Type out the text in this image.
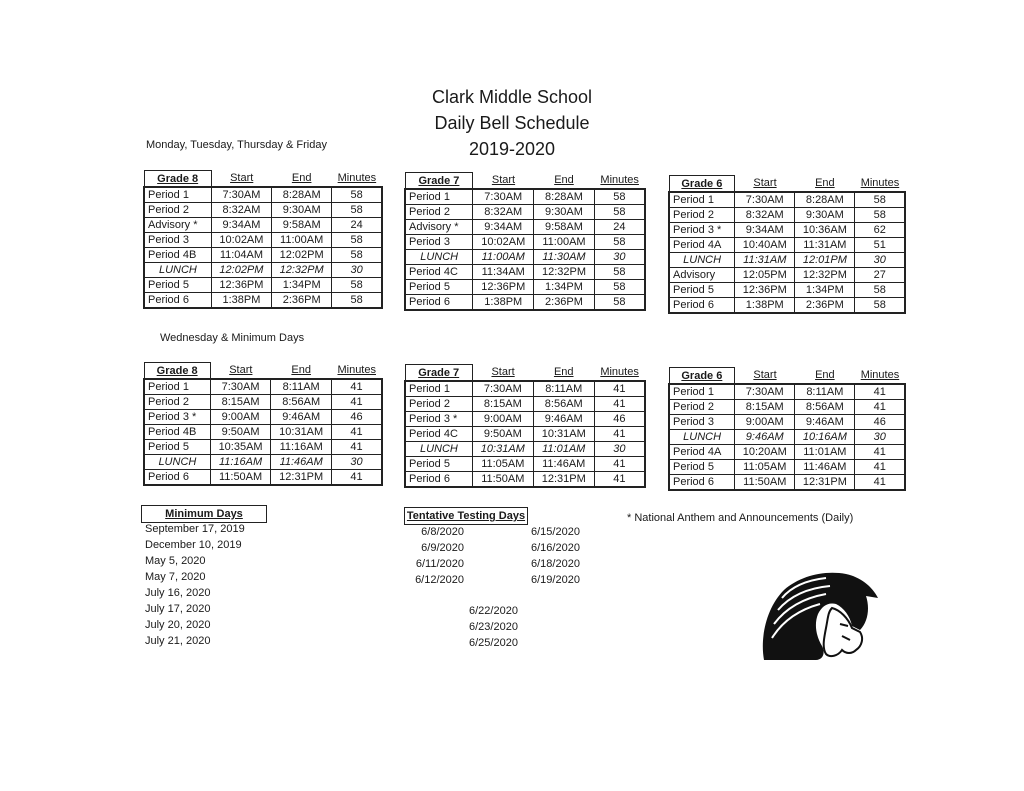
Clark Middle School
Daily Bell Schedule
2019-2020
Monday, Tuesday, Thursday & Friday
Wednesday & Minimum Days
Grade 8	Start	End	Minutes
Period 1	7:30AM	8:28AM	58
Period 2	8:32AM	9:30AM	58
Advisory *	9:34AM	9:58AM	24
Period 3	10:02AM	11:00AM	58
Period 4B	11:04AM	12:02PM	58
LUNCH	12:02PM	12:32PM	30
Period 5	12:36PM	1:34PM	58
Period 6	1:38PM	2:36PM	58
Grade 7	Start	End	Minutes
Period 1	7:30AM	8:28AM	58
Period 2	8:32AM	9:30AM	58
Advisory *	9:34AM	9:58AM	24
Period 3	10:02AM	11:00AM	58
LUNCH	11:00AM	11:30AM	30
Period 4C	11:34AM	12:32PM	58
Period 5	12:36PM	1:34PM	58
Period 6	1:38PM	2:36PM	58
Grade 6	Start	End	Minutes
Period 1	7:30AM	8:28AM	58
Period 2	8:32AM	9:30AM	58
Period 3 *	9:34AM	10:36AM	62
Period 4A	10:40AM	11:31AM	51
LUNCH	11:31AM	12:01PM	30
Advisory	12:05PM	12:32PM	27
Period 5	12:36PM	1:34PM	58
Period 6	1:38PM	2:36PM	58
Grade 8	Start	End	Minutes
Period 1	7:30AM	8:11AM	41
Period 2	8:15AM	8:56AM	41
Period 3 *	9:00AM	9:46AM	46
Period 4B	9:50AM	10:31AM	41
Period 5	10:35AM	11:16AM	41
LUNCH	11:16AM	11:46AM	30
Period 6	11:50AM	12:31PM	41
Grade 7	Start	End	Minutes
Period 1	7:30AM	8:11AM	41
Period 2	8:15AM	8:56AM	41
Period 3 *	9:00AM	9:46AM	46
Period 4C	9:50AM	10:31AM	41
LUNCH	10:31AM	11:01AM	30
Period 5	11:05AM	11:46AM	41
Period 6	11:50AM	12:31PM	41
Grade 6	Start	End	Minutes
Period 1	7:30AM	8:11AM	41
Period 2	8:15AM	8:56AM	41
Period 3	9:00AM	9:46AM	46
LUNCH	9:46AM	10:16AM	30
Period 4A	10:20AM	11:01AM	41
Period 5	11:05AM	11:46AM	41
Period 6	11:50AM	12:31PM	41
Minimum Days
September 17, 2019
December 10, 2019
May 5, 2020
May 7, 2020
July 16, 2020
July 17, 2020
July 20, 2020
July 21, 2020
Tentative Testing Days
6/8/2020
6/9/2020
6/11/2020
6/12/2020
6/15/2020
6/16/2020
6/18/2020
6/19/2020
6/22/2020
6/23/2020
6/25/2020
* National Anthem and Announcements (Daily)
